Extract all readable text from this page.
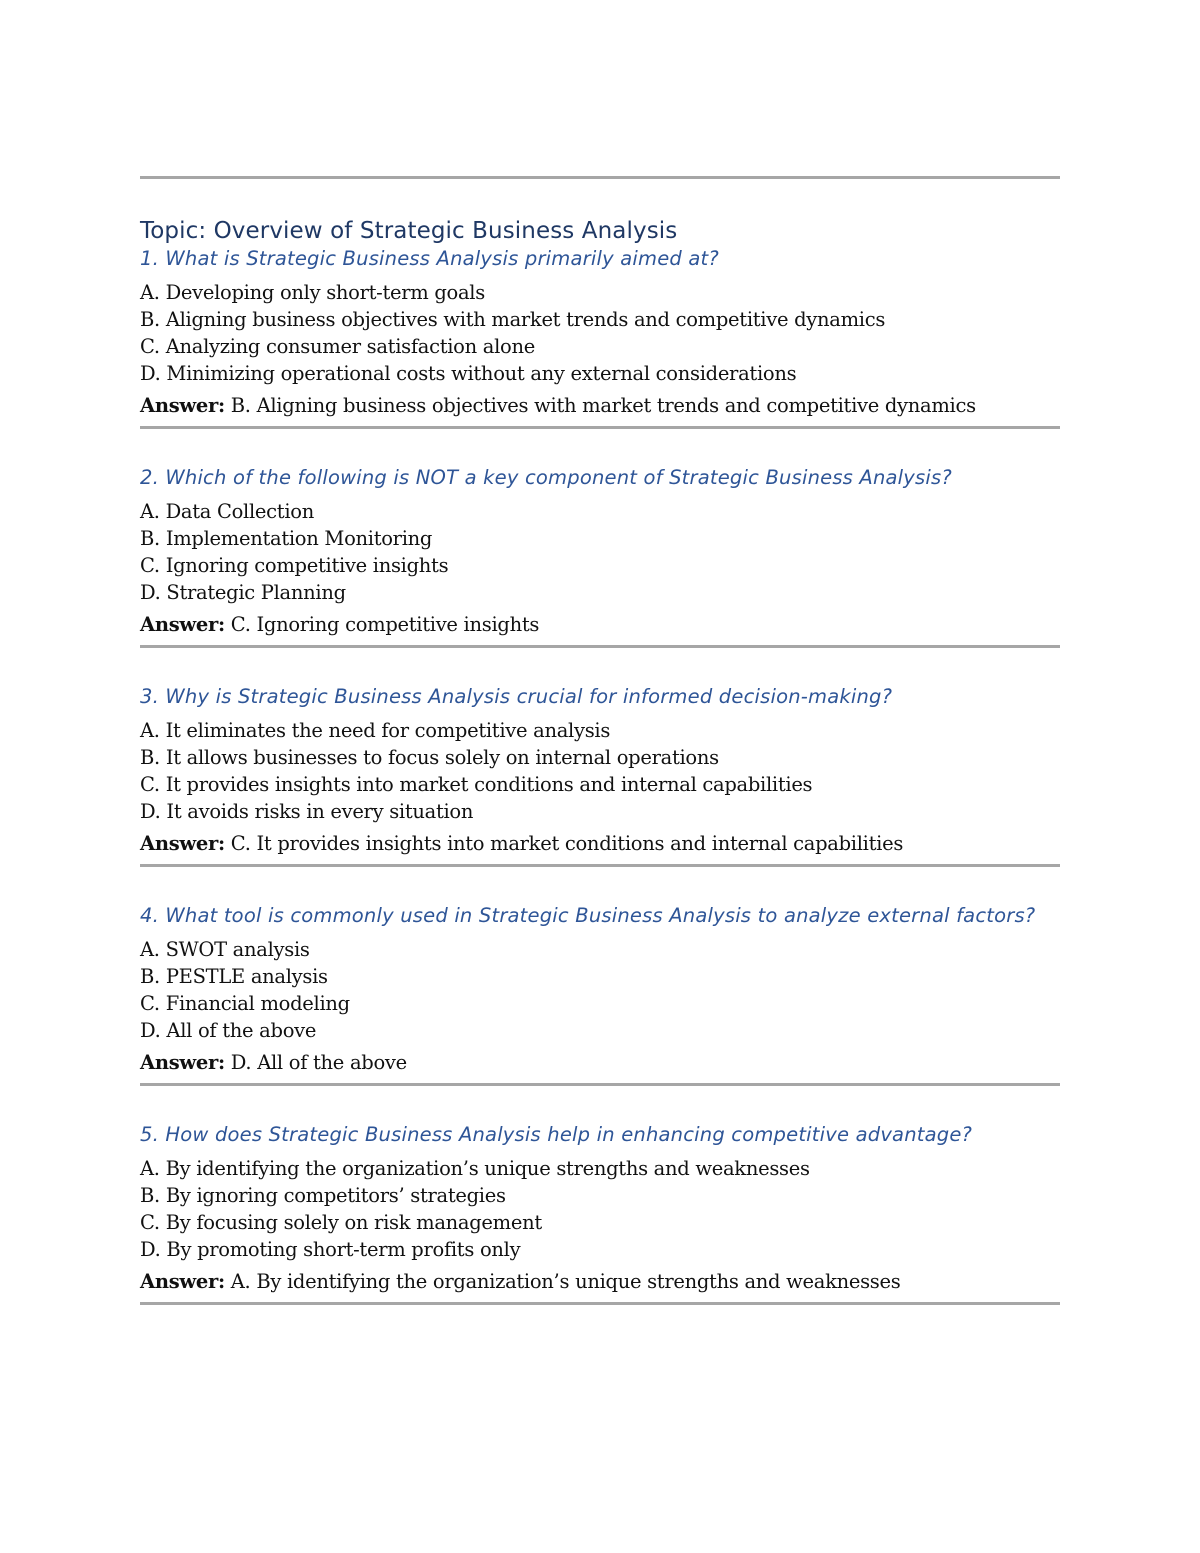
Topic: Overview of Strategic Business Analysis
1. What is Strategic Business Analysis primarily aimed at?
A. Developing only short-term goals
B. Aligning business objectives with market trends and competitive dynamics
C. Analyzing consumer satisfaction alone
D. Minimizing operational costs without any external considerations
Answer: B. Aligning business objectives with market trends and competitive dynamics
2. Which of the following is NOT a key component of Strategic Business Analysis?
A. Data Collection
B. Implementation Monitoring
C. Ignoring competitive insights
D. Strategic Planning
Answer: C. Ignoring competitive insights
3. Why is Strategic Business Analysis crucial for informed decision-making?
A. It eliminates the need for competitive analysis
B. It allows businesses to focus solely on internal operations
C. It provides insights into market conditions and internal capabilities
D. It avoids risks in every situation
Answer: C. It provides insights into market conditions and internal capabilities
4. What tool is commonly used in Strategic Business Analysis to analyze external factors?
A. SWOT analysis
B. PESTLE analysis
C. Financial modeling
D. All of the above
Answer: D. All of the above
5. How does Strategic Business Analysis help in enhancing competitive advantage?
A. By identifying the organization’s unique strengths and weaknesses
B. By ignoring competitors’ strategies
C. By focusing solely on risk management
D. By promoting short-term profits only
Answer: A. By identifying the organization’s unique strengths and weaknesses
